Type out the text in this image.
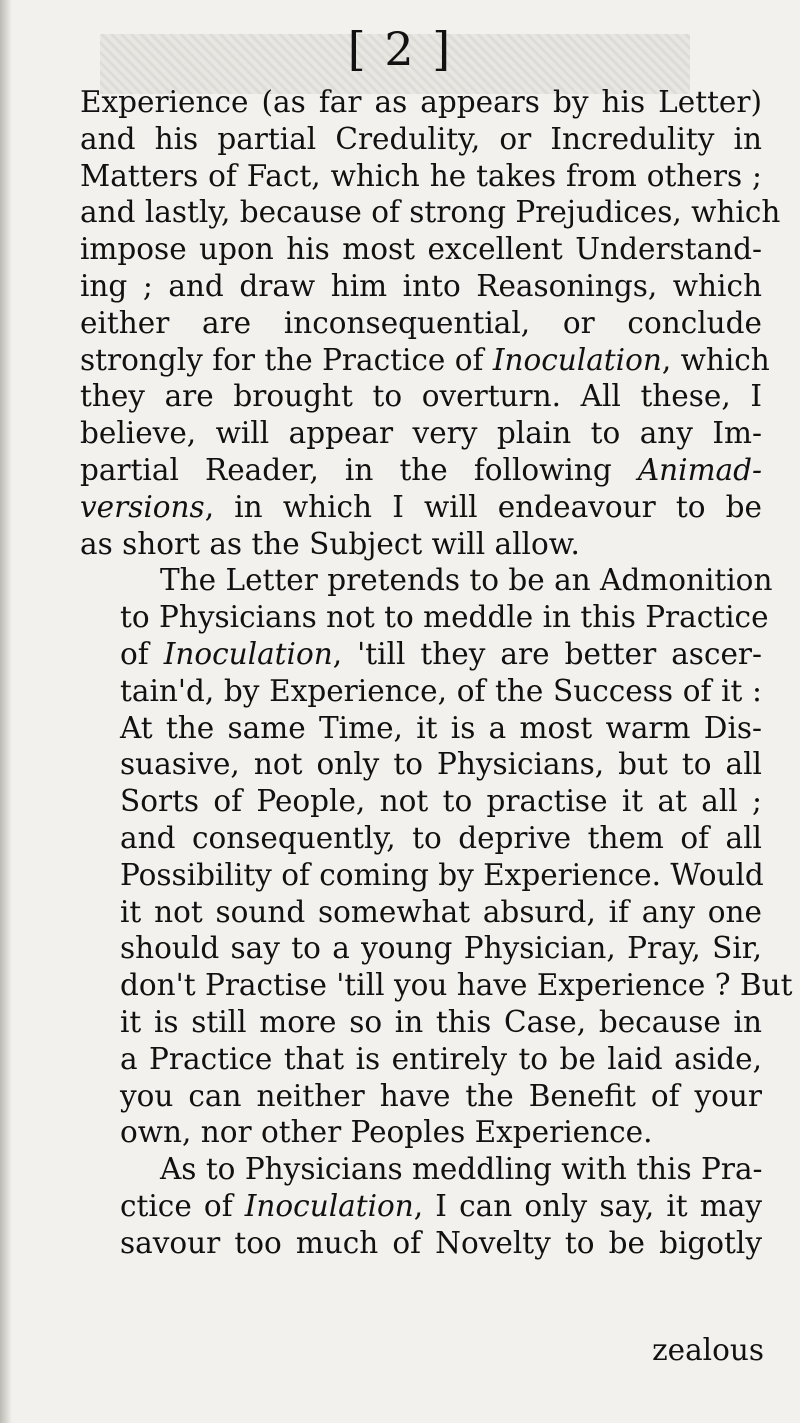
[ 2 ]

Experience (as far as appears by his Letter)
and his partial Credulity, or Incredulity in
Matters of Fact, which he takes from others ;
and lastly, because of strong Prejudices, which
impose upon his most excellent Understand-
ing ; and draw him into Reasonings, which
either are inconsequential, or conclude
strongly for the Practice of Inoculation, which
they are brought to overturn. All these, I
believe, will appear very plain to any Im-
partial Reader, in the following Animad-
versions, in which I will endeavour to be
as short as the Subject will allow.

The Letter pretends to be an Admonition
to Physicians not to meddle in this Practice
of Inoculation, 'till they are better ascer-
tain'd, by Experience, of the Success of it :
At the same Time, it is a most warm Dis-
suasive, not only to Physicians, but to all
Sorts of People, not to practise it at all ;
and consequently, to deprive them of all
Possibility of coming by Experience. Would
it not sound somewhat absurd, if any one
should say to a young Physician, Pray, Sir,
don't Practise 'till you have Experience ? But
it is still more so in this Case, because in
a Practice that is entirely to be laid aside,
you can neither have the Benefit of your
own, nor other Peoples Experience.

As to Physicians meddling with this Pra-
ctice of Inoculation, I can only say, it may
savour too much of Novelty to be bigotly

zealous
